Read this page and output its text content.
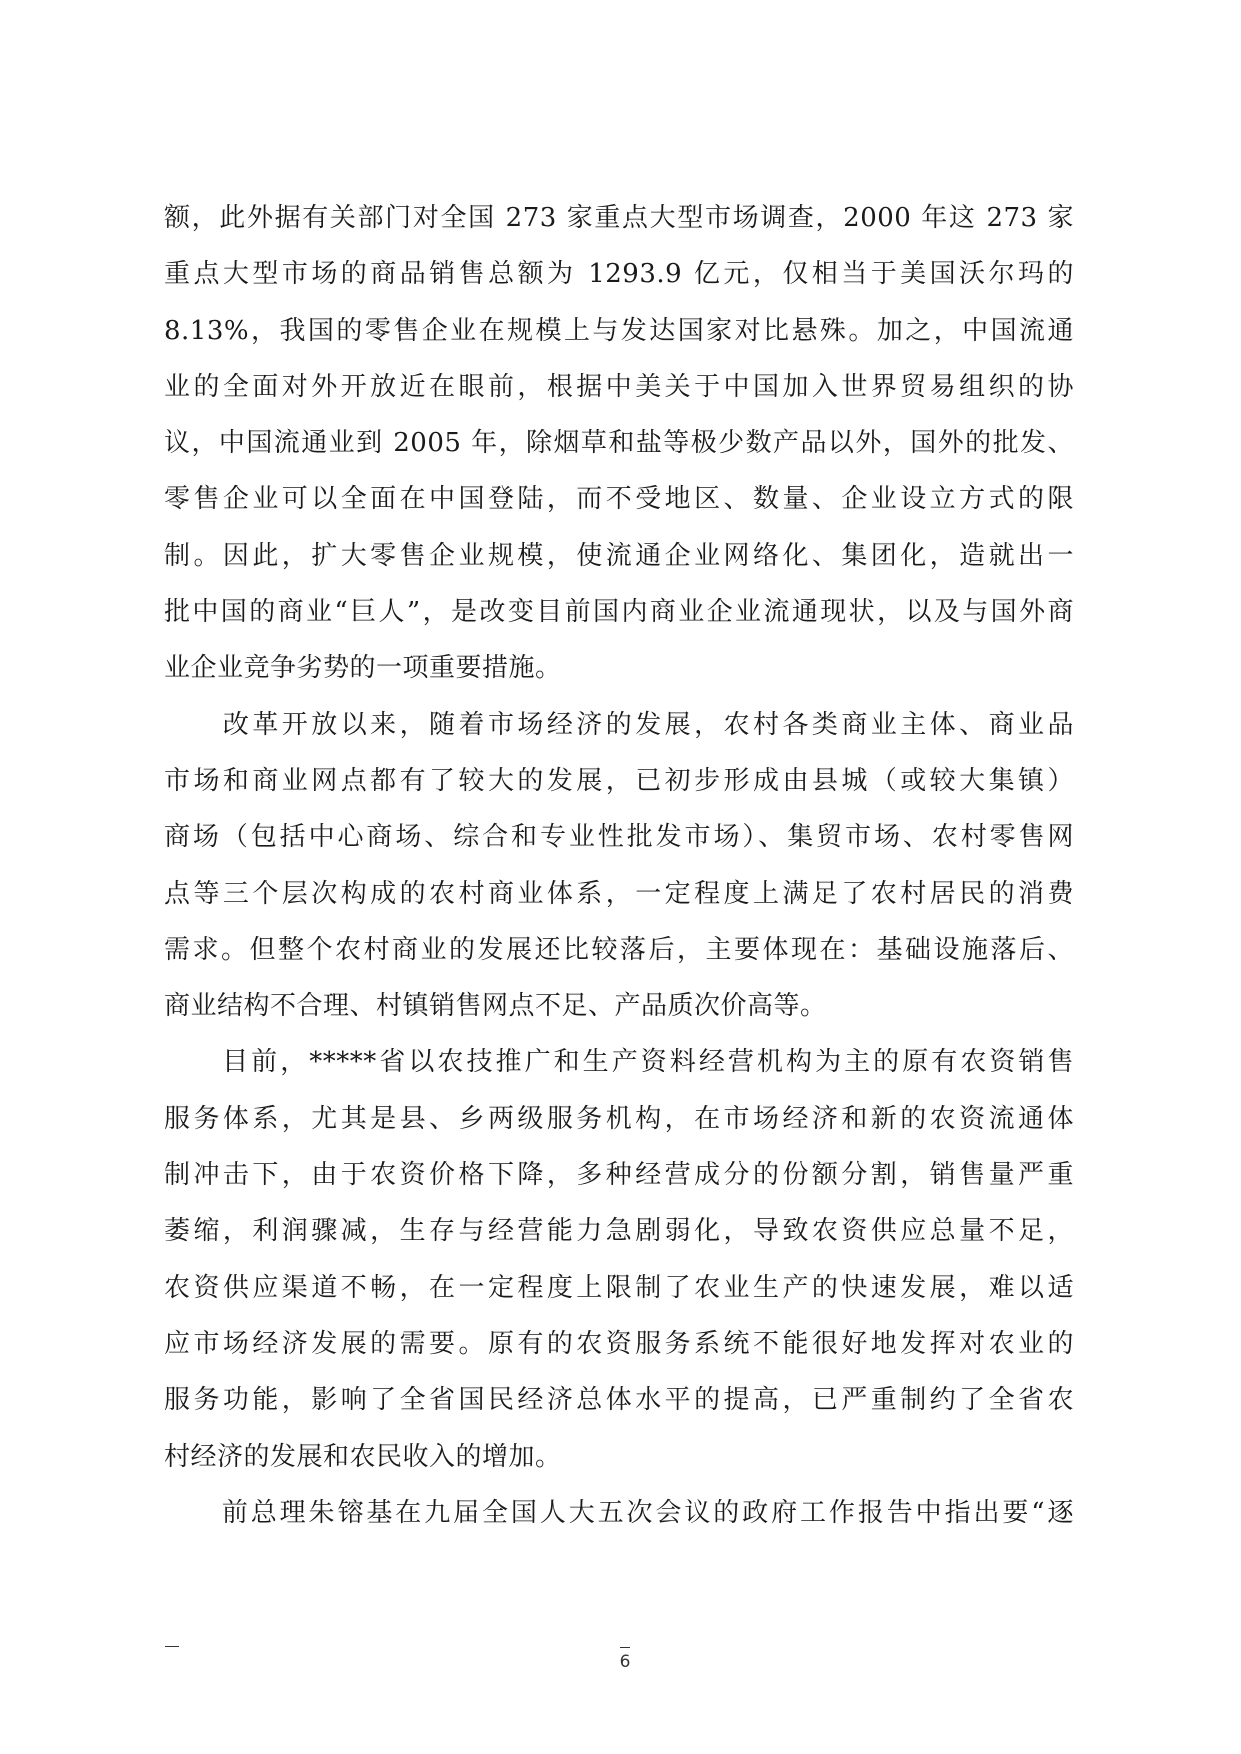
额，此外据有关部门对全国 273 家重点大型市场调查，2000 年这 273 家
重点大型市场的商品销售总额为 1293.9 亿元，仅相当于美国沃尔玛的
8.13%，我国的零售企业在规模上与发达国家对比悬殊。加之，中国流通
业的全面对外开放近在眼前，根据中美关于中国加入世界贸易组织的协
议，中国流通业到 2005 年，除烟草和盐等极少数产品以外，国外的批发、
零售企业可以全面在中国登陆，而不受地区、数量、企业设立方式的限
制。因此，扩大零售企业规模，使流通企业网络化、集团化，造就出一
批中国的商业“巨人”，是改变目前国内商业企业流通现状，以及与国外商
业企业竞争劣势的一项重要措施。
　　改革开放以来，随着市场经济的发展，农村各类商业主体、商业品
市场和商业网点都有了较大的发展，已初步形成由县城（或较大集镇）
商场（包括中心商场、综合和专业性批发市场）、集贸市场、农村零售网
点等三个层次构成的农村商业体系，一定程度上满足了农村居民的消费
需求。但整个农村商业的发展还比较落后，主要体现在：基础设施落后、
商业结构不合理、村镇销售网点不足、产品质次价高等。
　　目前，*****省以农技推广和生产资料经营机构为主的原有农资销售
服务体系，尤其是县、乡两级服务机构，在市场经济和新的农资流通体
制冲击下，由于农资价格下降，多种经营成分的份额分割，销售量严重
萎缩，利润骤减，生存与经营能力急剧弱化，导致农资供应总量不足，
农资供应渠道不畅，在一定程度上限制了农业生产的快速发展，难以适
应市场经济发展的需要。原有的农资服务系统不能很好地发挥对农业的
服务功能，影响了全省国民经济总体水平的提高，已严重制约了全省农
村经济的发展和农民收入的增加。
　　前总理朱镕基在九届全国人大五次会议的政府工作报告中指出要“逐
6
